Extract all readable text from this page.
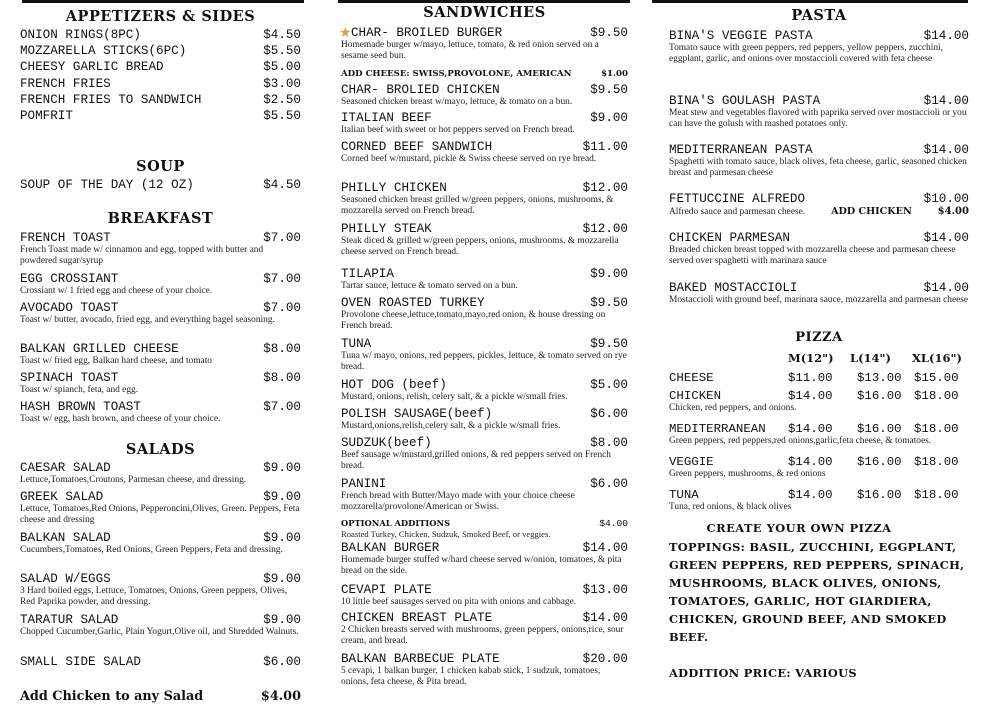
APPETIZERS & SIDES
ONION RINGS(8PC)	$4.50
MOZZARELLA STICKS(6PC)	$5.50
CHEESY GARLIC BREAD	$5.00
FRENCH FRIES	$3.00
FRENCH FRIES TO SANDWICH	$2.50
POMFRIT	$5.50
SOUP
SOUP OF THE DAY (12 OZ)	$4.50
BREAKFAST
FRENCH TOAST	$7.00
French Toast made w/ cinnamon and egg, topped with butter and powdered sugar/syrup
EGG CROSSIANT	$7.00
Crossiant w/ 1 fried egg and cheese of your choice.
AVOCADO TOAST	$7.00
Toast w/ butter, avocado, fried egg, and everything bagel seasoning.
BALKAN GRILLED CHEESE	$8.00
Toast w/ fried egg, Balkan hard cheese, and tomato
SPINACH TOAST	$8.00
Toast w/ spianch, feta, and egg.
HASH BROWN TOAST	$7.00
Toast w/ egg, hash brown, and cheese of your choice.
SALADS
CAESAR SALAD	$9.00
Lettuce,Tomatoes,Croutons, Parmesan cheese, and dressing.
GREEK SALAD	$9.00
Lettuce, Tomatoes,Red Onions, Pepperoncini,Olives, Green. Peppers, Feta cheese and dressing
BALKAN SALAD	$9.00
Cucumbers,Tomatoes, Red Onions, Green Peppers, Feta and dressing.
SALAD W/EGGS	$9.00
3 Hard boiled eggs, Lettuce, Tomatoes, Onions, Green peppers, Olives, Red Paprika powder, and dressing.
TARATUR SALAD	$9.00
Chopped Cucumber,Garlic, Plain Yogurt,Olive oil, and Shredded Walnuts.
SMALL SIDE SALAD	$6.00
Add Chicken to any Salad	$4.00
SANDWICHES
★ CHAR- BROILED BURGER	$9.50
Homemade burger w/mayo, lettuce, tomato, & red onion served on a sesame seed bun.
ADD CHEESE: SWISS,PROVOLONE, AMERICAN	$1.00
CHAR- BROLIED CHICKEN	$9.50
Seasoned chicken breast w/mayo, lettuce, & tomato on a bun.
ITALIAN BEEF	$9.00
Italian beef with sweet or hot peppers served on French bread.
CORNED BEEF SANDWICH	$11.00
Corned beef w/mustard, pickle & Swiss cheese served on rye bread.
PHILLY CHICKEN	$12.00
Seasoned chicken breast grilled w/green peppers, onions, mushrooms, & mozzarella served on French bread.
PHILLY STEAK	$12.00
Steak diced & grilled w/green peppers, onions, mushrooms, & mozzarella cheese served on French bread.
TILAPIA	$9.00
Tartar sauce, lettuce & tomato served on a bun.
OVEN ROASTED TURKEY	$9.50
Provolone cheese,lettuce,tomato,mayo,red onion, & house dressing on French bread.
TUNA	$9.50
Tuna w/ mayo, onions, red peppers, pickles, lettuce, & tomato served on rye bread.
HOT DOG (beef)	$5.00
Mustard, onions, relish, celery salt, & a pickle w/small fries.
POLISH SAUSAGE(beef)	$6.00
Mustard,onions,relish,celery salt, & a pickle w/small fries.
SUDZUK(beef)	$8.00
Beef sausage w/mustard,grilled onions, & red peppers served on French bread.
PANINI	$6.00
French bread with Butter/Mayo made with your choice cheese mozzarella/provolone/American or Swiss.
OPTIONAL ADDITIONS	$4.00
Roasted Turkey, Chicken, Sudzuk, Smoked Beef, or veggies.
BALKAN BURGER	$14.00
Homemade burger stuffed w/hard cheese served w/onion, tomatoes, & pita bread on the side.
CEVAPI PLATE	$13.00
10 little beef sausages served on pita with onions and cabbage.
CHICKEN BREAST PLATE	$14.00
2 Chicken breasts served with mushrooms, green peppers, onions,rice, sour cream, and bread.
BALKAN BARBECUE PLATE	$20.00
5 cevapi, 1 balkan burger, 1 chicken kabab stick, 1 sudzuk, tomatoes, onions, feta cheese, & Pita bread.
PASTA
BINA'S VEGGIE PASTA	$14.00
Tomato sauce with green peppers, red peppers, yellow peppers, zucchini, eggplant, garlic, and onions over mostaccioli covered with feta cheese
BINA'S GOULASH PASTA	$14.00
Meat stew and vegetables flavored with paprika served over mostaccioli or you can have the golush with mashed potatoes only.
MEDITERRANEAN PASTA	$14.00
Spaghetti with tomato sauce, black olives, feta cheese, garlic, seasoned chicken breast and parmesan cheese
FETTUCCINE ALFREDO	$10.00
Alfredo sauce and parmesan cheese.	ADD CHICKEN	$4.00
CHICKEN PARMESAN	$14.00
Breaded chicken breast topped with mozzarella cheese and parmesan cheese served over spaghetti with marinara sauce
BAKED MOSTACCIOLI	$14.00
Mostaccioli with ground beef, marinara sauce, mozzarella and parmesan cheese
PIZZA
M(12")	L(14")	XL(16")
CHEESE	$11.00	$13.00 $15.00
CHICKEN	$14.00	$16.00 $18.00
Chicken, red peppers, and onions.
MEDITERRANEAN	$14.00	$16.00 $18.00
Green peppers, red peppers,red onions,garlic,feta cheese, & tomatoes.
VEGGIE	$14.00	$16.00 $18.00
Green peppers, mushrooms, & red onions
TUNA	$14.00	$16.00 $18.00
Tuna, red onions, & black olives
CREATE YOUR OWN PIZZA
TOPPINGS: BASIL, ZUCCHINI, EGGPLANT, GREEN PEPPERS, RED PEPPERS, SPINACH, MUSHROOMS, BLACK OLIVES, ONIONS, TOMATOES, GARLIC, HOT GIARDIERA, CHICKEN, GROUND BEEF, AND SMOKED BEEF.
ADDITION PRICE: VARIOUS
